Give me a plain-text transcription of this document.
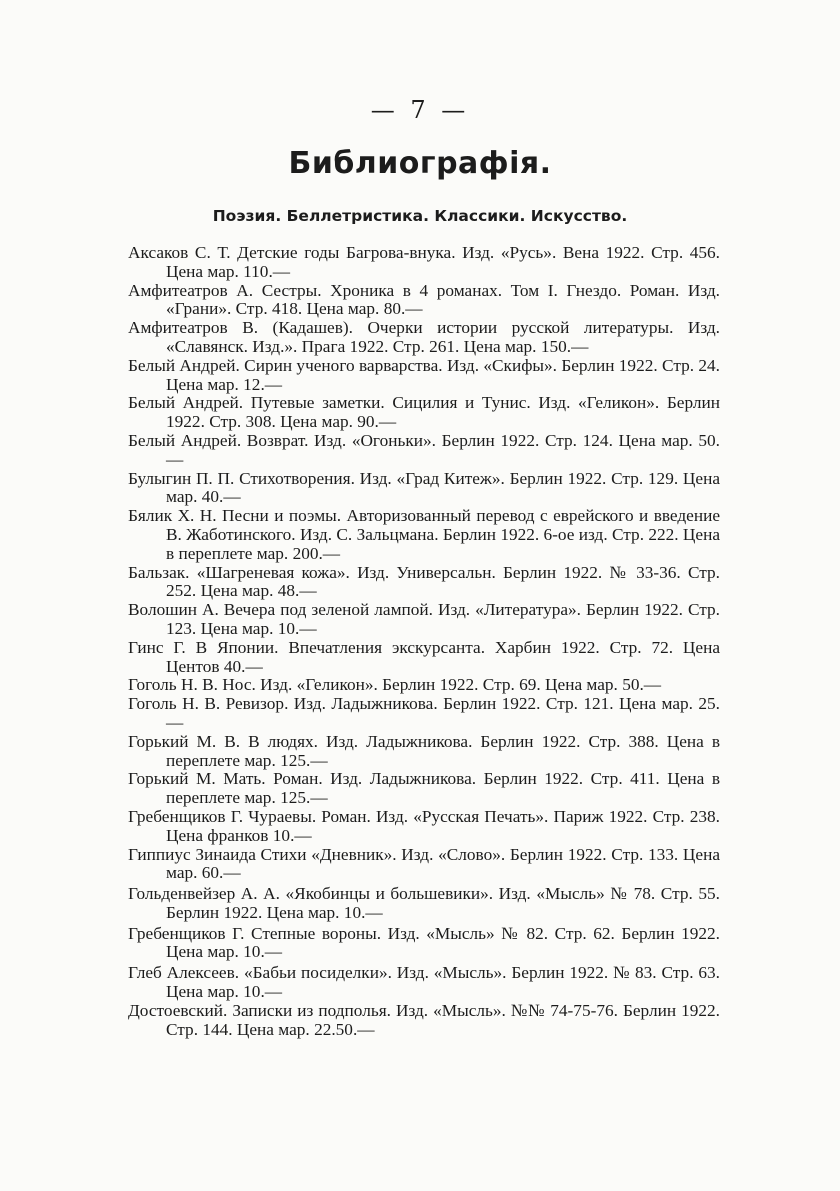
— 7 —
Библиографія.
Поэзия. Беллетристика. Классики. Искусство.
Аксаков С. Т. Детские годы Багрова-внука. Изд. «Русь». Вена 1922. Стр. 456. Цена мар. 110.—
Амфитеатров А. Сестры. Хроника в 4 романах. Том I. Гнездо. Роман. Изд. «Грани». Стр. 418. Цена мар. 80.—
Амфитеатров В. (Кадашев). Очерки истории русской литературы. Изд. «Славянск. Изд.». Прага 1922. Стр. 261. Цена мар. 150.—
Белый Андрей. Сирин ученого варварства. Изд. «Скифы». Берлин 1922. Стр. 24. Цена мар. 12.—
Белый Андрей. Путевые заметки. Сицилия и Тунис. Изд. «Геликон». Берлин 1922. Стр. 308. Цена мар. 90.—
Белый Андрей. Возврат. Изд. «Огоньки». Берлин 1922. Стр. 124. Цена мар. 50.—
Булыгин П. П. Стихотворения. Изд. «Град Китеж». Берлин 1922. Стр. 129. Цена мар. 40.—
Бялик Х. Н. Песни и поэмы. Авторизованный перевод с еврейского и введение В. Жаботинского. Изд. С. Зальцмана. Берлин 1922. 6-ое изд. Стр. 222. Цена в переплете мар. 200.—
Бальзак. «Шагреневая кожа». Изд. Универсальн. Берлин 1922. № 33-36. Стр. 252. Цена мар. 48.—
Волошин А. Вечера под зеленой лампой. Изд. «Литература». Берлин 1922. Стр. 123. Цена мар. 10.—
Гинс Г. В Японии. Впечатления экскурсанта. Харбин 1922. Стр. 72. Цена Центов 40.—
Гоголь Н. В. Нос. Изд. «Геликон». Берлин 1922. Стр. 69. Цена мар. 50.—
Гоголь Н. В. Ревизор. Изд. Ладыжникова. Берлин 1922. Стр. 121. Цена мар. 25.—
Горький М. В. В людях. Изд. Ладыжникова. Берлин 1922. Стр. 388. Цена в переплете мар. 125.—
Горький М. Мать. Роман. Изд. Ладыжникова. Берлин 1922. Стр. 411. Цена в переплете мар. 125.—
Гребенщиков Г. Чураевы. Роман. Изд. «Русская Печать». Париж 1922. Стр. 238. Цена франков 10.—
Гиппиус Зинаида Стихи «Дневник». Изд. «Слово». Берлин 1922. Стр. 133. Цена мар. 60.—
Гольденвейзер А. А. «Якобинцы и большевики». Изд. «Мысль» № 78. Стр. 55. Берлин 1922. Цена мар. 10.—
Гребенщиков Г. Степные вороны. Изд. «Мысль» № 82. Стр. 62. Берлин 1922. Цена мар. 10.—
Глеб Алексеев. «Бабьи посиделки». Изд. «Мысль». Берлин 1922. № 83. Стр. 63. Цена мар. 10.—
Достоевский. Записки из подполья. Изд. «Мысль». №№ 74-75-76. Берлин 1922. Стр. 144. Цена мар. 22.50.—
